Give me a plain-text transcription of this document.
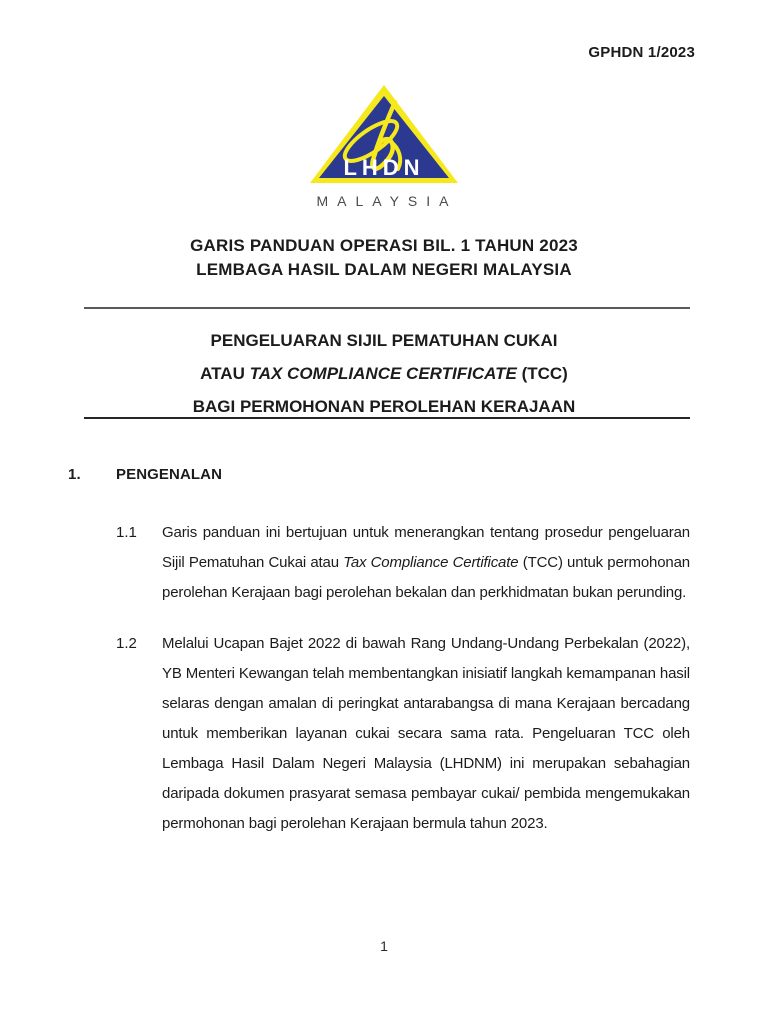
GPHDN 1/2023
LHDN
MALAYSIA
GARIS PANDUAN OPERASI BIL. 1 TAHUN 2023
LEMBAGA HASIL DALAM NEGERI MALAYSIA
PENGELUARAN SIJIL PEMATUHAN CUKAI
ATAU TAX COMPLIANCE CERTIFICATE (TCC)
BAGI PERMOHONAN PEROLEHAN KERAJAAN
1. PENGENALAN
1.1	Garis panduan ini bertujuan untuk menerangkan tentang prosedur pengeluaran Sijil Pematuhan Cukai atau Tax Compliance Certificate (TCC) untuk permohonan perolehan Kerajaan bagi perolehan bekalan dan perkhidmatan bukan perunding.
1.2	Melalui Ucapan Bajet 2022 di bawah Rang Undang-Undang Perbekalan (2022), YB Menteri Kewangan telah membentangkan inisiatif langkah kemampanan hasil selaras dengan amalan di peringkat antarabangsa di mana Kerajaan bercadang untuk memberikan layanan cukai secara sama rata. Pengeluaran TCC oleh Lembaga Hasil Dalam Negeri Malaysia (LHDNM) ini merupakan sebahagian daripada dokumen prasyarat semasa pembayar cukai/ pembida mengemukakan permohonan bagi perolehan Kerajaan bermula tahun 2023.
1
